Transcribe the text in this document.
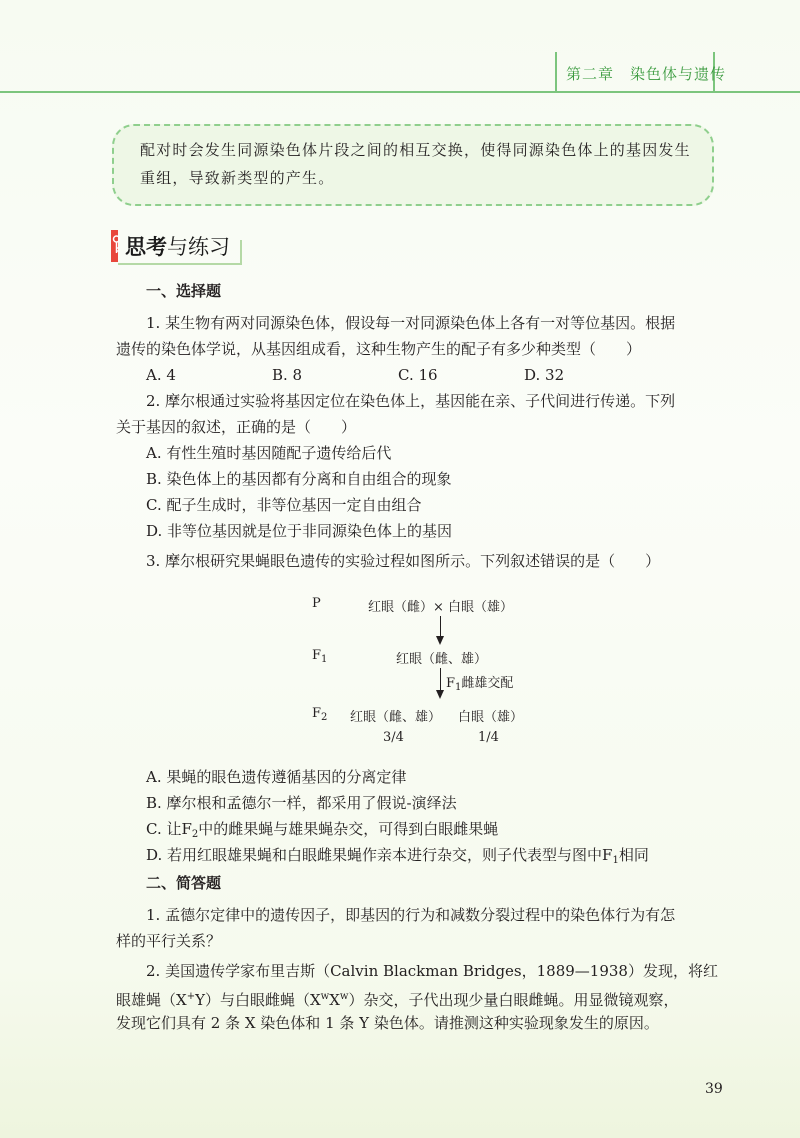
第二章　染色体与遗传
配对时会发生同源染色体片段之间的相互交换，使得同源染色体上的基因发生
重组，导致新类型的产生。
思考与练习
一、选择题
1. 某生物有两对同源染色体，假设每一对同源染色体上各有一对等位基因。根据
遗传的染色体学说，从基因组成看，这种生物产生的配子有多少种类型（　　）
A. 4	B. 8	C. 16	D. 32
2. 摩尔根通过实验将基因定位在染色体上，基因能在亲、子代间进行传递。下列
关于基因的叙述，正确的是（　　）
A. 有性生殖时基因随配子遗传给后代
B. 染色体上的基因都有分离和自由组合的现象
C. 配子生成时，非等位基因一定自由组合
D. 非等位基因就是位于非同源染色体上的基因
3. 摩尔根研究果蝇眼色遗传的实验过程如图所示。下列叙述错误的是（　　）
P	红眼（雌）× 白眼（雄）
$F_1$	红眼（雌、雄）
$F_1$雌雄交配
$F_2$ 红眼（雌、雄） 白眼（雄）
3/4	1/4
A. 果蝇的眼色遗传遵循基因的分离定律
B. 摩尔根和孟德尔一样，都采用了假说-演绎法
C. 让$F_2$中的雌果蝇与雄果蝇杂交，可得到白眼雌果蝇
D. 若用红眼雄果蝇和白眼雌果蝇作亲本进行杂交，则子代表型与图中$F_1$相同
二、简答题
1. 孟德尔定律中的遗传因子，即基因的行为和减数分裂过程中的染色体行为有怎
样的平行关系？
2. 美国遗传学家布里吉斯（Calvin Blackman Bridges，1889—1938）发现，将红
眼雄蝇（X+Y）与白眼雌蝇$(X^wX^w)$杂交，子代出现少量白眼雌蝇。用显微镜观察，
发现它们具有 2 条 X 染色体和 1 条 Y 染色体。请推测这种实验现象发生的原因。
39
